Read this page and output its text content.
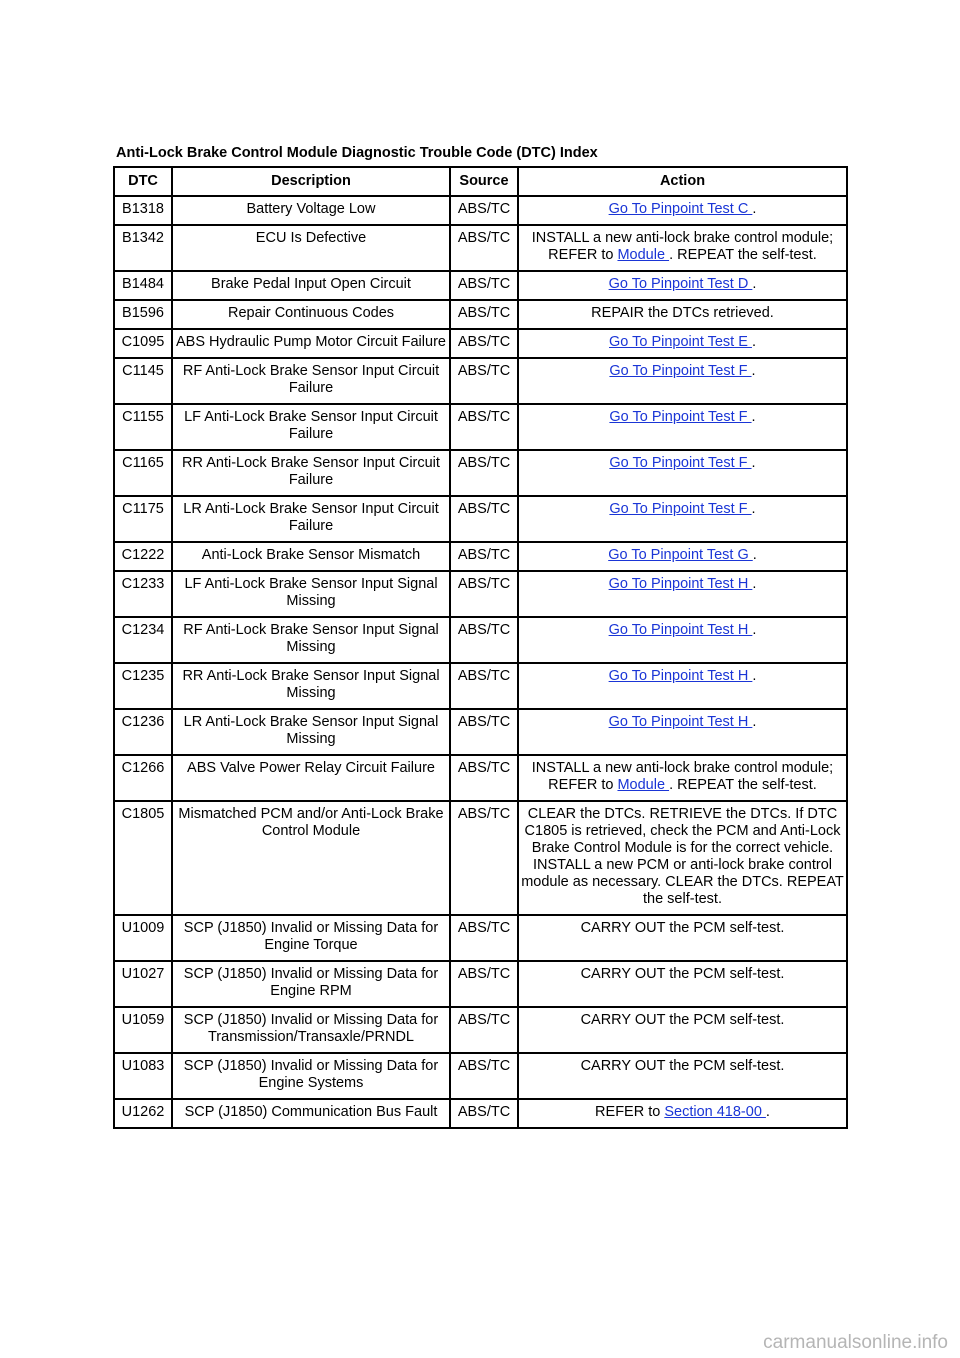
Anti-Lock Brake Control Module Diagnostic Trouble Code (DTC) Index
DTC	Description	Source	Action
B1318	Battery Voltage Low	ABS/TC	Go To Pinpoint Test C .
B1342	ECU Is Defective	ABS/TC	INSTALL a new anti-lock brake control module; REFER to Module . REPEAT the self-test.
B1484	Brake Pedal Input Open Circuit	ABS/TC	Go To Pinpoint Test D .
B1596	Repair Continuous Codes	ABS/TC	REPAIR the DTCs retrieved.
C1095	ABS Hydraulic Pump Motor Circuit Failure	ABS/TC	Go To Pinpoint Test E .
C1145	RF Anti-Lock Brake Sensor Input Circuit Failure	ABS/TC	Go To Pinpoint Test F .
C1155	LF Anti-Lock Brake Sensor Input Circuit Failure	ABS/TC	Go To Pinpoint Test F .
C1165	RR Anti-Lock Brake Sensor Input Circuit Failure	ABS/TC	Go To Pinpoint Test F .
C1175	LR Anti-Lock Brake Sensor Input Circuit Failure	ABS/TC	Go To Pinpoint Test F .
C1222	Anti-Lock Brake Sensor Mismatch	ABS/TC	Go To Pinpoint Test G .
C1233	LF Anti-Lock Brake Sensor Input Signal Missing	ABS/TC	Go To Pinpoint Test H .
C1234	RF Anti-Lock Brake Sensor Input Signal Missing	ABS/TC	Go To Pinpoint Test H .
C1235	RR Anti-Lock Brake Sensor Input Signal Missing	ABS/TC	Go To Pinpoint Test H .
C1236	LR Anti-Lock Brake Sensor Input Signal Missing	ABS/TC	Go To Pinpoint Test H .
C1266	ABS Valve Power Relay Circuit Failure	ABS/TC	INSTALL a new anti-lock brake control module; REFER to Module . REPEAT the self-test.
C1805	Mismatched PCM and/or Anti-Lock Brake Control Module	ABS/TC	CLEAR the DTCs. RETRIEVE the DTCs. If DTC C1805 is retrieved, check the PCM and Anti-Lock Brake Control Module is for the correct vehicle. INSTALL a new PCM or anti-lock brake control module as necessary. CLEAR the DTCs. REPEAT the self-test.
U1009	SCP (J1850) Invalid or Missing Data for Engine Torque	ABS/TC	CARRY OUT the PCM self-test.
U1027	SCP (J1850) Invalid or Missing Data for Engine RPM	ABS/TC	CARRY OUT the PCM self-test.
U1059	SCP (J1850) Invalid or Missing Data for Transmission/Transaxle/PRNDL	ABS/TC	CARRY OUT the PCM self-test.
U1083	SCP (J1850) Invalid or Missing Data for Engine Systems	ABS/TC	CARRY OUT the PCM self-test.
U1262	SCP (J1850) Communication Bus Fault	ABS/TC	REFER to Section 418-00 .
carmanualsonline.info
